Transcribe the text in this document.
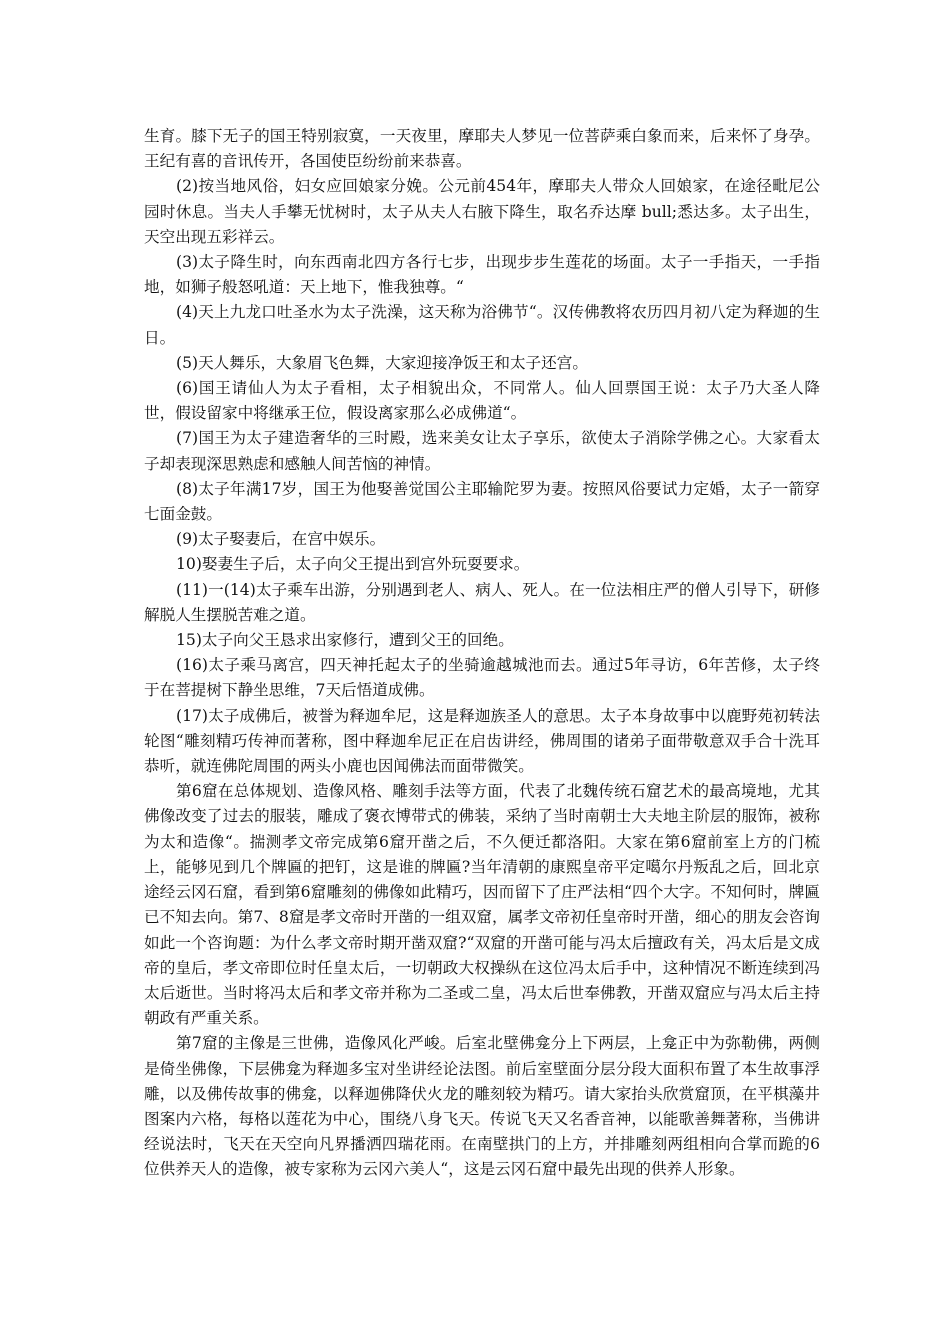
生育。膝下无子的国王特别寂寞，一天夜里，摩耶夫人梦见一位菩萨乘白象而来，后来怀了身孕。王纪有喜的音讯传开，各国使臣纷纷前来恭喜。

(2)按当地风俗，妇女应回娘家分娩。公元前454年，摩耶夫人带众人回娘家，在途径毗尼公园时休息。当夫人手攀无忧树时，太子从夫人右腋下降生，取名乔达摩 bull;悉达多。太子出生，天空出现五彩祥云。

(3)太子降生时，向东西南北四方各行七步，出现步步生莲花的场面。太子一手指天，一手指地，如狮子般怒吼道：天上地下，惟我独尊。“

(4)天上九龙口吐圣水为太子洗澡，这天称为浴佛节“。汉传佛教将农历四月初八定为释迦的生日。

(5)天人舞乐，大象眉飞色舞，大家迎接净饭王和太子还宫。

(6)国王请仙人为太子看相，太子相貌出众，不同常人。仙人回票国王说：太子乃大圣人降世，假设留家中将继承王位，假设离家那么必成佛道“。

(7)国王为太子建造奢华的三时殿，选来美女让太子享乐，欲使太子消除学佛之心。大家看太子却表现深思熟虑和感触人间苦恼的神情。

(8)太子年满17岁，国王为他娶善觉国公主耶输陀罗为妻。按照风俗要试力定婚，太子一箭穿七面金鼓。

(9)太子娶妻后，在宫中娱乐。

10)娶妻生子后，太子向父王提出到宫外玩耍要求。

(11)一(14)太子乘车出游，分别遇到老人、病人、死人。在一位法相庄严的僧人引导下，研修解脱人生摆脱苦难之道。

15)太子向父王恳求出家修行，遭到父王的回绝。

(16)太子乘马离宫，四天神托起太子的坐骑逾越城池而去。通过5年寻访，6年苦修，太子终于在菩提树下静坐思维，7天后悟道成佛。

(17)太子成佛后，被誉为释迦牟尼，这是释迦族圣人的意思。太子本身故事中以鹿野苑初转法轮图“雕刻精巧传神而著称，图中释迦牟尼正在启齿讲经，佛周围的诸弟子面带敬意双手合十洗耳恭听，就连佛陀周围的两头小鹿也因闻佛法而面带微笑。

第6窟在总体规划、造像风格、雕刻手法等方面，代表了北魏传统石窟艺术的最高境地，尤其佛像改变了过去的服装，雕成了褒衣博带式的佛装，采纳了当时南朝士大夫地主阶层的服饰，被称为太和造像“。揣测孝文帝完成第6窟开凿之后，不久便迁都洛阳。大家在第6窟前室上方的门梳上，能够见到几个牌匾的把钉，这是谁的牌匾?当年清朝的康熙皇帝平定噶尔丹叛乱之后，回北京途经云冈石窟，看到第6窟雕刻的佛像如此精巧，因而留下了庄严法相“四个大字。不知何时，牌匾已不知去向。第7、8窟是孝文帝时开凿的一组双窟，属孝文帝初任皇帝时开凿，细心的朋友会咨询如此一个咨询题：为什么孝文帝时期开凿双窟?“双窟的开凿可能与冯太后擅政有关，冯太后是文成帝的皇后，孝文帝即位时任皇太后，一切朝政大权操纵在这位冯太后手中，这种情况不断连续到冯太后逝世。当时将冯太后和孝文帝并称为二圣或二皇，冯太后世奉佛教，开凿双窟应与冯太后主持朝政有严重关系。

第7窟的主像是三世佛，造像风化严峻。后室北壁佛龛分上下两层，上龛正中为弥勒佛，两侧是倚坐佛像，下层佛龛为释迦多宝对坐讲经论法图。前后室壁面分层分段大面积布置了本生故事浮雕，以及佛传故事的佛龛，以释迦佛降伏火龙的雕刻较为精巧。请大家抬头欣赏窟顶，在平棋藻井图案内六格，每格以莲花为中心，围绕八身飞天。传说飞天又名香音神，以能歌善舞著称，当佛讲经说法时，飞天在天空向凡界播洒四瑞花雨。在南壁拱门的上方，并排雕刻两组相向合掌而跪的6位供养天人的造像，被专家称为云冈六美人“，这是云冈石窟中最先出现的供养人形象。
